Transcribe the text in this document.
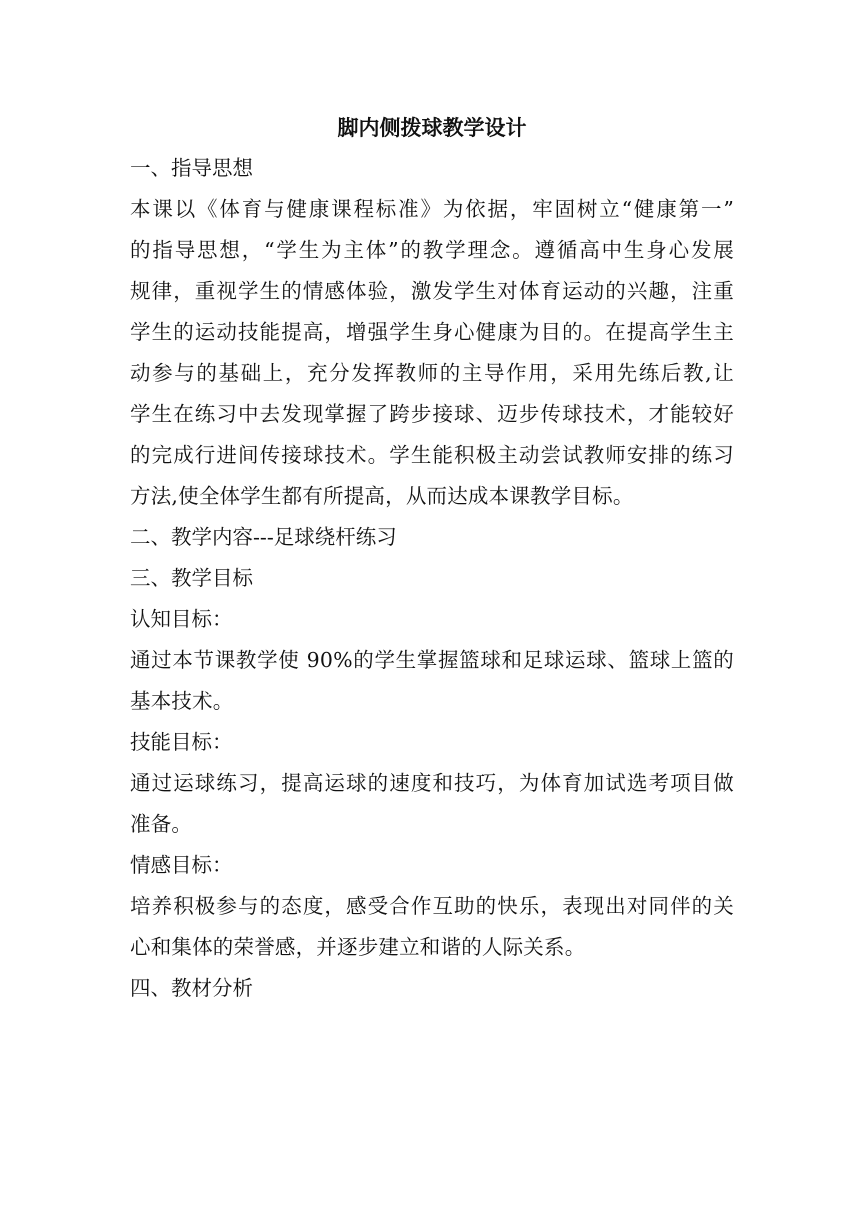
脚内侧拨球教学设计

一、指导思想

本课以《体育与健康课程标准》为依据，牢固树立“健康第一”

的指导思想，“学生为主体”的教学理念。遵循高中生身心发展

规律，重视学生的情感体验，激发学生对体育运动的兴趣，注重

学生的运动技能提高，增强学生身心健康为目的。在提高学生主

动参与的基础上，充分发挥教师的主导作用，采用先练后教,让

学生在练习中去发现掌握了跨步接球、迈步传球技术，才能较好

的完成行进间传接球技术。学生能积极主动尝试教师安排的练习

方法,使全体学生都有所提高，从而达成本课教学目标。

二、教学内容---足球绕杆练习

三、教学目标

认知目标：

通过本节课教学使 90%的学生掌握篮球和足球运球、篮球上篮的

基本技术。

技能目标：

通过运球练习，提高运球的速度和技巧，为体育加试选考项目做

准备。

情感目标：

培养积极参与的态度，感受合作互助的快乐，表现出对同伴的关

心和集体的荣誉感，并逐步建立和谐的人际关系。

四、教材分析
